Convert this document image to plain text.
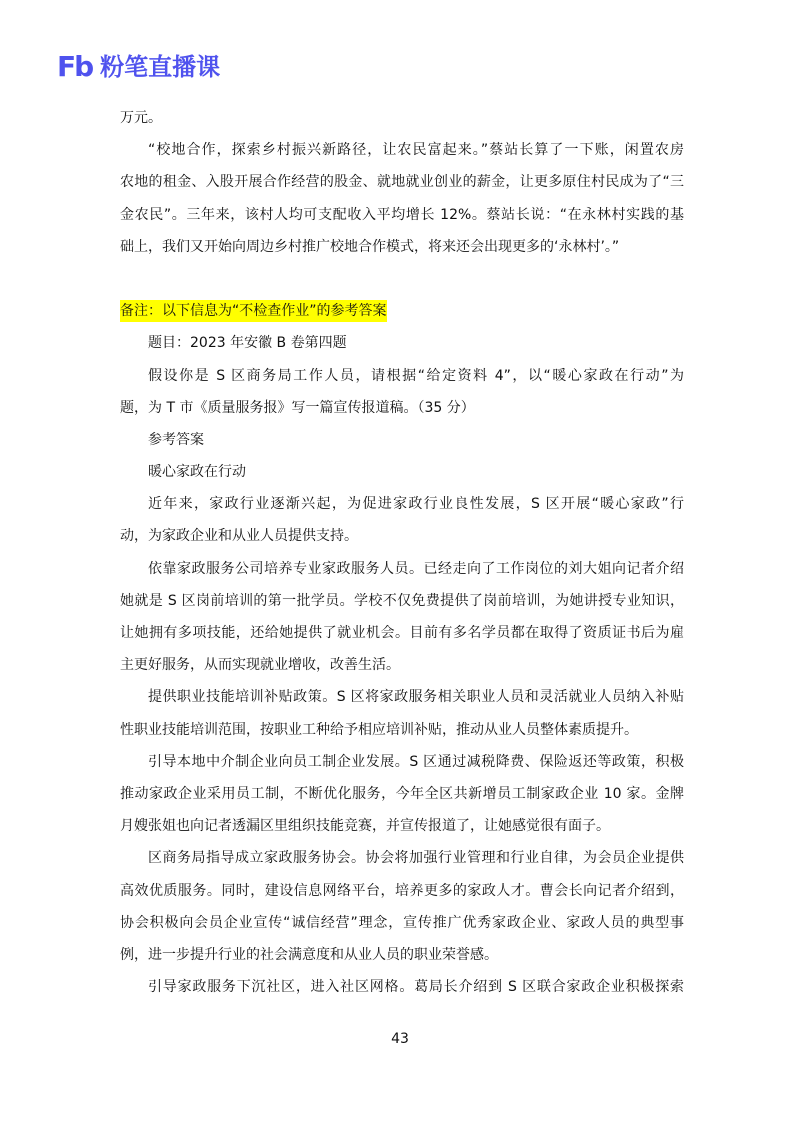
Fb 粉笔直播课
万元。
“校地合作，探索乡村振兴新路径，让农民富起来。”蔡站长算了一下账，闲置农房
农地的租金、入股开展合作经营的股金、就地就业创业的薪金，让更多原住村民成为了“三
金农民”。三年来，该村人均可支配收入平均增长 12%。蔡站长说：“在永林村实践的基
础上，我们又开始向周边乡村推广校地合作模式，将来还会出现更多的‘永林村’。”
备注：以下信息为“不检查作业”的参考答案
题目：2023 年安徽 B 卷第四题
假设你是 S 区商务局工作人员，请根据“给定资料 4”，以“暖心家政在行动”为
题，为 T 市《质量服务报》写一篇宣传报道稿。（35 分）
参考答案
暖心家政在行动
近年来，家政行业逐渐兴起，为促进家政行业良性发展，S 区开展“暖心家政”行
动，为家政企业和从业人员提供支持。
依靠家政服务公司培养专业家政服务人员。已经走向了工作岗位的刘大姐向记者介绍
她就是 S 区岗前培训的第一批学员。学校不仅免费提供了岗前培训，为她讲授专业知识，
让她拥有多项技能，还给她提供了就业机会。目前有多名学员都在取得了资质证书后为雇
主更好服务，从而实现就业增收，改善生活。
提供职业技能培训补贴政策。S 区将家政服务相关职业人员和灵活就业人员纳入补贴
性职业技能培训范围，按职业工种给予相应培训补贴，推动从业人员整体素质提升。
引导本地中介制企业向员工制企业发展。S 区通过减税降费、保险返还等政策，积极
推动家政企业采用员工制，不断优化服务，今年全区共新增员工制家政企业 10 家。金牌
月嫂张姐也向记者透漏区里组织技能竞赛，并宣传报道了，让她感觉很有面子。
区商务局指导成立家政服务协会。协会将加强行业管理和行业自律，为会员企业提供
高效优质服务。同时，建设信息网络平台，培养更多的家政人才。曹会长向记者介绍到，
协会积极向会员企业宣传“诚信经营”理念，宣传推广优秀家政企业、家政人员的典型事
例，进一步提升行业的社会满意度和从业人员的职业荣誉感。
引导家政服务下沉社区，进入社区网格。葛局长介绍到 S 区联合家政企业积极探索
43
